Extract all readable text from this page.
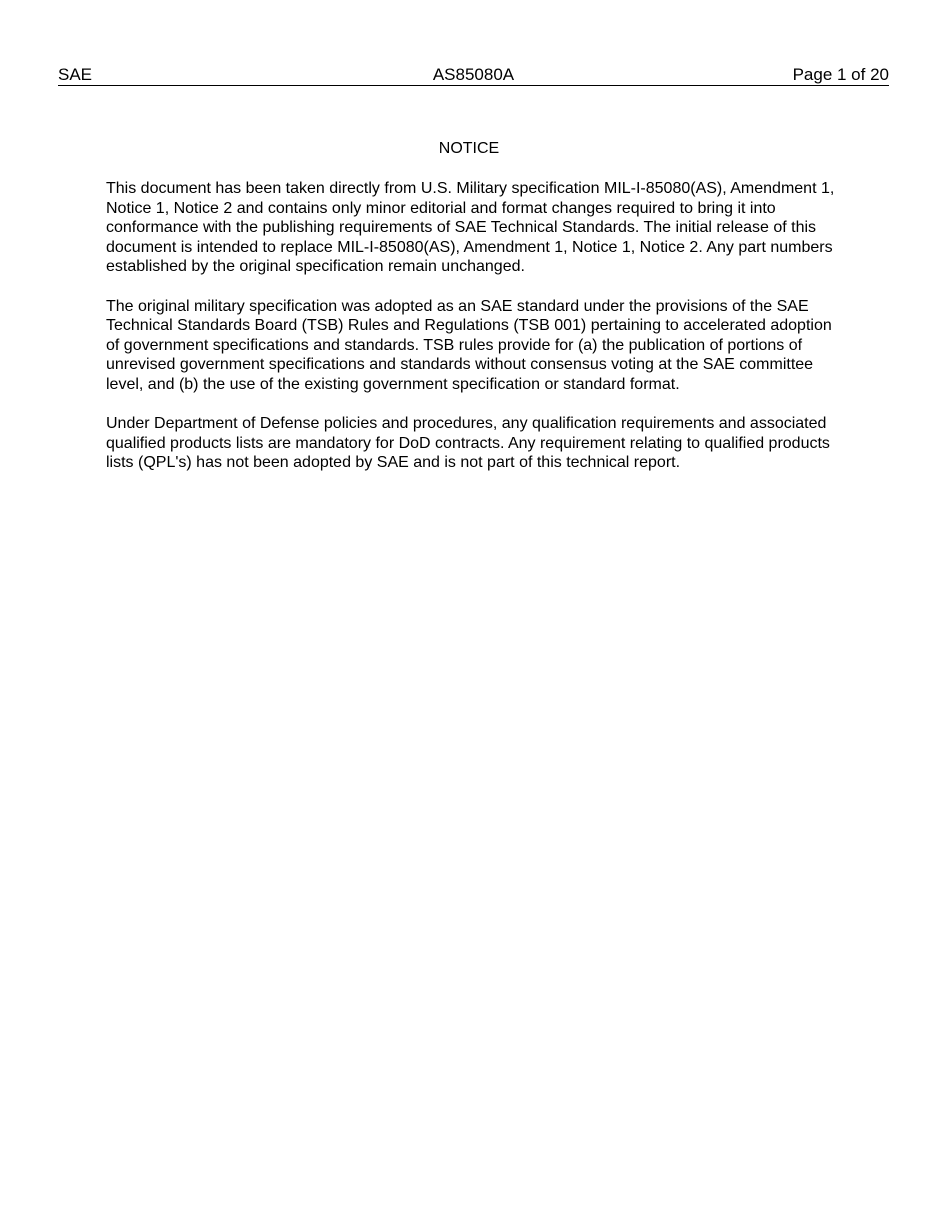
SAE	AS85080A	Page 1 of 20
NOTICE

This document has been taken directly from U.S. Military specification MIL-I-85080(AS), Amendment 1, Notice 1, Notice 2 and contains only minor editorial and format changes required to bring it into conformance with the publishing requirements of SAE Technical Standards. The initial release of this document is intended to replace MIL-I-85080(AS), Amendment 1, Notice 1, Notice 2. Any part numbers established by the original specification remain unchanged.

The original military specification was adopted as an SAE standard under the provisions of the SAE Technical Standards Board (TSB) Rules and Regulations (TSB 001) pertaining to accelerated adoption of government specifications and standards. TSB rules provide for (a) the publication of portions of unrevised government specifications and standards without consensus voting at the SAE committee level, and (b) the use of the existing government specification or standard format.

Under Department of Defense policies and procedures, any qualification requirements and associated qualified products lists are mandatory for DoD contracts. Any requirement relating to qualified products lists (QPL's) has not been adopted by SAE and is not part of this technical report.
